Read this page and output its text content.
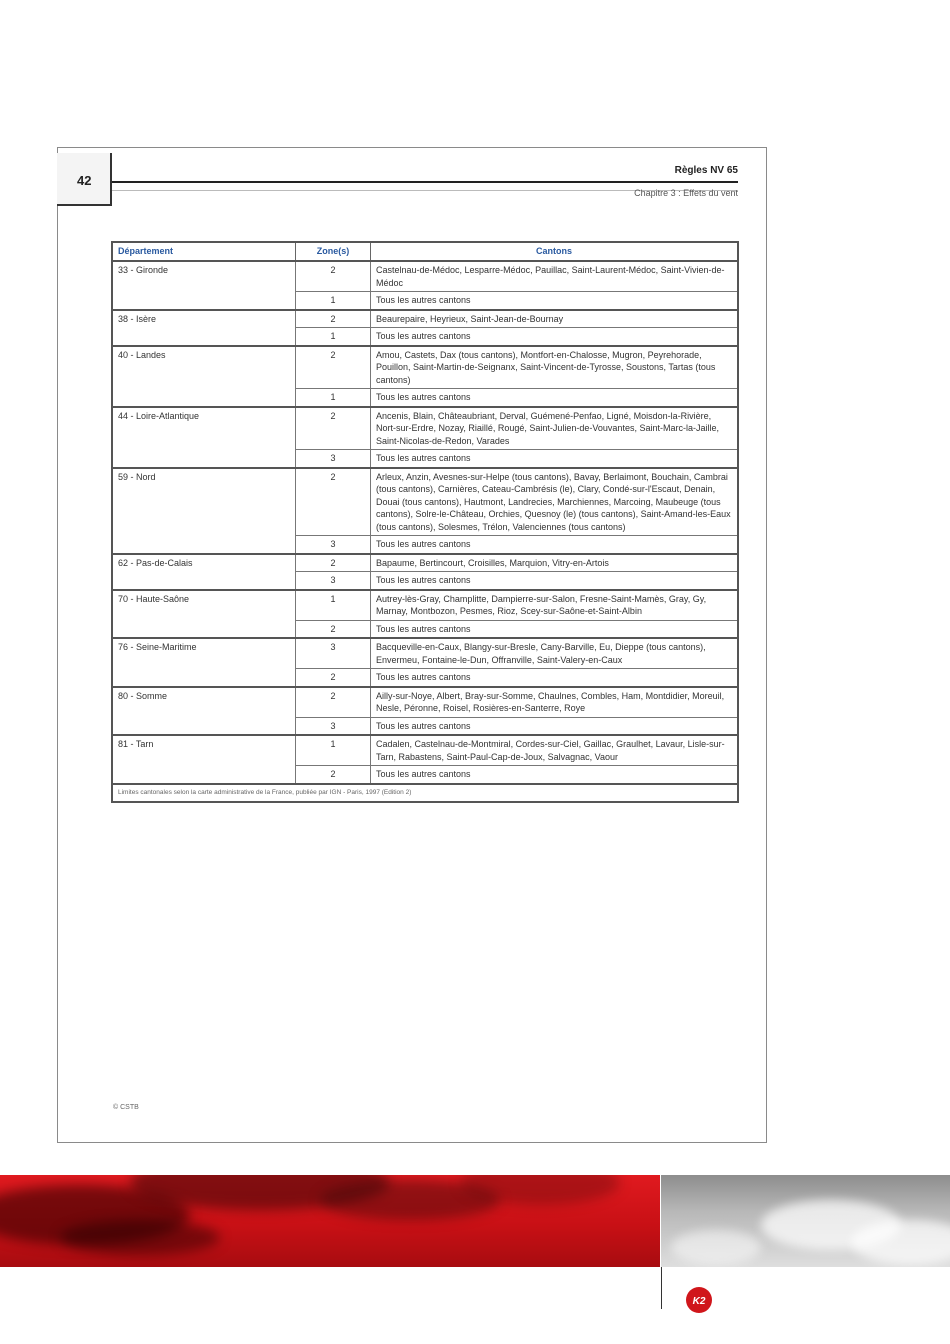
42
Règles NV 65
Chapitre 3 : Effets du vent
Département	Zone(s)	Cantons
33 - Gironde	2	Castelnau-de-Médoc, Lesparre-Médoc, Pauillac, Saint-Laurent-Médoc, Saint-Vivien-de-Médoc
	1	Tous les autres cantons
38 - Isère	2	Beaurepaire, Heyrieux, Saint-Jean-de-Bournay
	1	Tous les autres cantons
40 - Landes	2	Amou, Castets, Dax (tous cantons), Montfort-en-Chalosse, Mugron, Peyrehorade, Pouillon, Saint-Martin-de-Seignanx, Saint-Vincent-de-Tyrosse, Soustons, Tartas (tous cantons)
	1	Tous les autres cantons
44 - Loire-Atlantique	2	Ancenis, Blain, Châteaubriant, Derval, Guémené-Penfao, Ligné, Moisdon-la-Rivière, Nort-sur-Erdre, Nozay, Riaillé, Rougé, Saint-Julien-de-Vouvantes, Saint-Marc-la-Jaille, Saint-Nicolas-de-Redon, Varades
	3	Tous les autres cantons
59 - Nord	2	Arleux, Anzin, Avesnes-sur-Helpe (tous cantons), Bavay, Berlaimont, Bouchain, Cambrai (tous cantons), Carnières, Cateau-Cambrésis (le), Clary, Condé-sur-l'Escaut, Denain, Douai (tous cantons), Hautmont, Landrecies, Marchiennes, Marcoing, Maubeuge (tous cantons), Solre-le-Château, Orchies, Quesnoy (le) (tous cantons), Saint-Amand-les-Eaux (tous cantons), Solesmes, Trélon, Valenciennes (tous cantons)
	3	Tous les autres cantons
62 - Pas-de-Calais	2	Bapaume, Bertincourt, Croisilles, Marquion, Vitry-en-Artois
	3	Tous les autres cantons
70 - Haute-Saône	1	Autrey-lès-Gray, Champlitte, Dampierre-sur-Salon, Fresne-Saint-Mamès, Gray, Gy, Marnay, Montbozon, Pesmes, Rioz, Scey-sur-Saône-et-Saint-Albin
	2	Tous les autres cantons
76 - Seine-Maritime	3	Bacqueville-en-Caux, Blangy-sur-Bresle, Cany-Barville, Eu, Dieppe (tous cantons), Envermeu, Fontaine-le-Dun, Offranville, Saint-Valery-en-Caux
	2	Tous les autres cantons
80 - Somme	2	Ailly-sur-Noye, Albert, Bray-sur-Somme, Chaulnes, Combles, Ham, Montdidier, Moreuil, Nesle, Péronne, Roisel, Rosières-en-Santerre, Roye
	3	Tous les autres cantons
81 - Tarn	1	Cadalen, Castelnau-de-Montmiral, Cordes-sur-Ciel, Gaillac, Graulhet, Lavaur, Lisle-sur-Tarn, Rabastens, Saint-Paul-Cap-de-Joux, Salvagnac, Vaour
	2	Tous les autres cantons
Limites cantonales selon la carte administrative de la France, publiée par IGN - Paris, 1997 (Edition 2)		
© CSTB
K2
